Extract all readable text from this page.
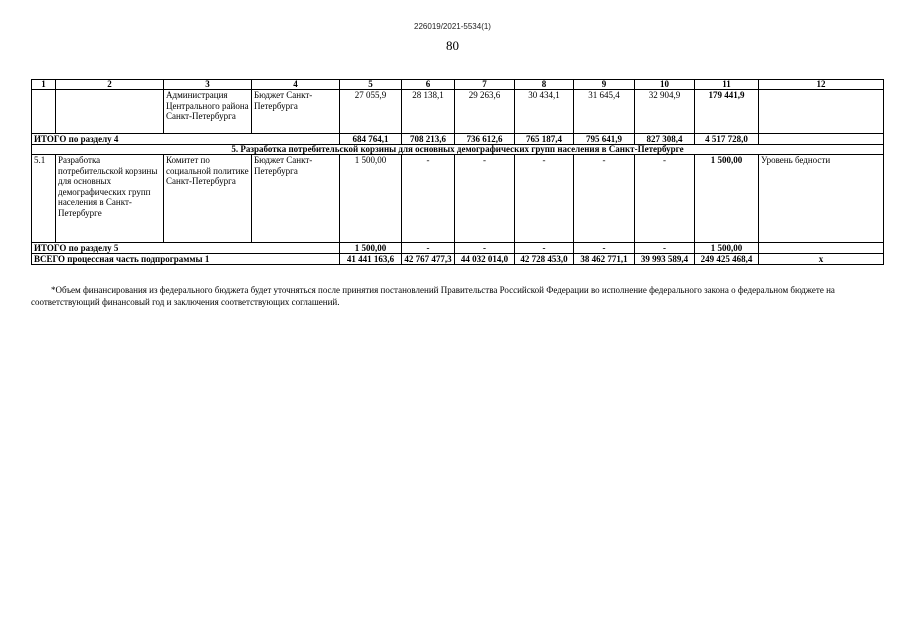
226019/2021-5534(1)
80
1	2	3	4	5	6	7	8	9	10	11	12
		Администрация Центрального района Санкт-Петербурга	Бюджет Санкт-Петербурга	27 055,9	28 138,1	29 263,6	30 434,1	31 645,4	32 904,9	179 441,9	
ИТОГО по разделу 4				684 764,1	708 213,6	736 612,6	765 187,4	795 641,9	827 308,4	4 517 728,0	
5. Разработка потребительской корзины для основных демографических групп населения в Санкт-Петербурге											
5.1	Разработка потребительской корзины для основных демографических групп населения в Санкт-Петербурге	Комитет по социальной политике Санкт-Петербурга	Бюджет Санкт-Петербурга	1 500,00	-	-	-	-	-	1 500,00	Уровень бедности
ИТОГО по разделу 5				1 500,00	-	-	-	-	-	1 500,00	
ВСЕГО процессная часть подпрограммы 1				41 441 163,6	42 767 477,3	44 032 014,0	42 728 453,0	38 462 771,1	39 993 589,4	249 425 468,4	х
*Объем финансирования из федерального бюджета будет уточняться после принятия постановлений Правительства Российской Федерации во исполнение федерального закона о федеральном бюджете на соответствующий финансовый год и заключения соответствующих соглашений.
